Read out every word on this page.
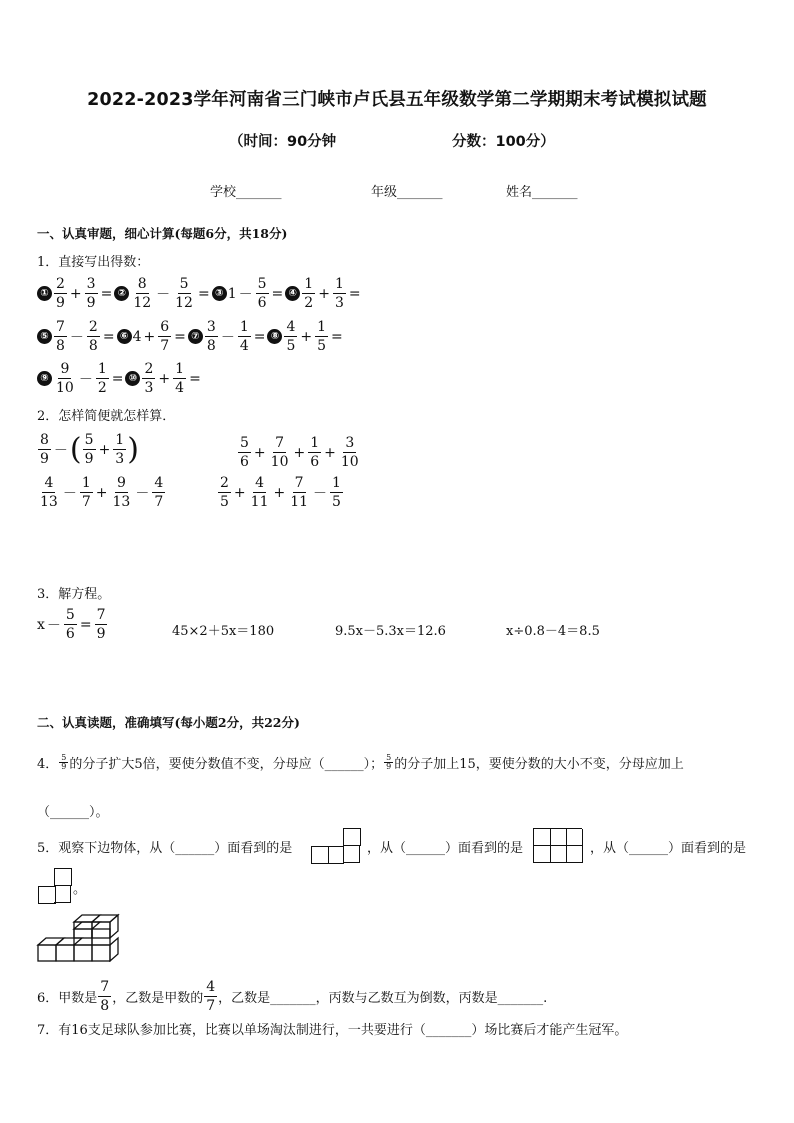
2022-2023学年河南省三门峡市卢氏县五年级数学第二学期期末考试模拟试题
（时间：90分钟	分数：100分）
学校_______	年级_______	姓名_______
一、认真审题，细心计算(每题6分，共18分)
1．直接写出得数：
① $\frac{2}{9} + \frac{3}{9}$ = ② $\frac{8}{12} - \frac{5}{12}$ = ③ $1 - \frac{5}{6}$ = ④ $\frac{1}{2} + \frac{1}{3}$ =
⑤ $\frac{7}{8} - \frac{2}{8}$ = ⑥ $4 + \frac{6}{7}$ = ⑦ $\frac{3}{8} - \frac{1}{4}$ = ⑧ $\frac{4}{5} + \frac{1}{5}$ =
⑨ $\frac{9}{10} - \frac{1}{2}$ = ⑩ $\frac{2}{3} + \frac{1}{4}$ =
2．怎样简便就怎样算．
$\frac{8}{9}$ － ( $\frac{5}{9} + \frac{1}{3}$ )	$\frac{5}{6} + \frac{7}{10} + \frac{1}{6} + \frac{3}{10}$
$\frac{4}{13} - \frac{1}{7} + \frac{9}{13} - \frac{4}{7}$	$\frac{2}{5} + \frac{4}{11} + \frac{7}{11} - \frac{1}{5}$
3．解方程。
$x - \frac{5}{6} = \frac{7}{9}$	45×2＋5x＝180	9.5x－5.3x＝12.6	x÷0.8－4＝8.5
二、认真读题，准确填写(每小题2分，共22分)
4． $\frac{5}{9}$ 的分子扩大5倍，要使分数值不变，分母应（______）； $\frac{5}{9}$ 的分子加上15，要使分数的大小不变，分母应加上
（______）。
5．观察下边物体，从（______）面看到的是	，从（______）面看到的是	，从（______）面看到的是
。
6．甲数是 $\frac{7}{8}$ ，乙数是甲数的 $\frac{4}{7}$ ，乙数是_______，丙数与乙数互为倒数，丙数是_______.
7．有16支足球队参加比赛，比赛以单场淘汰制进行，一共要进行（_______）场比赛后才能产生冠军。
